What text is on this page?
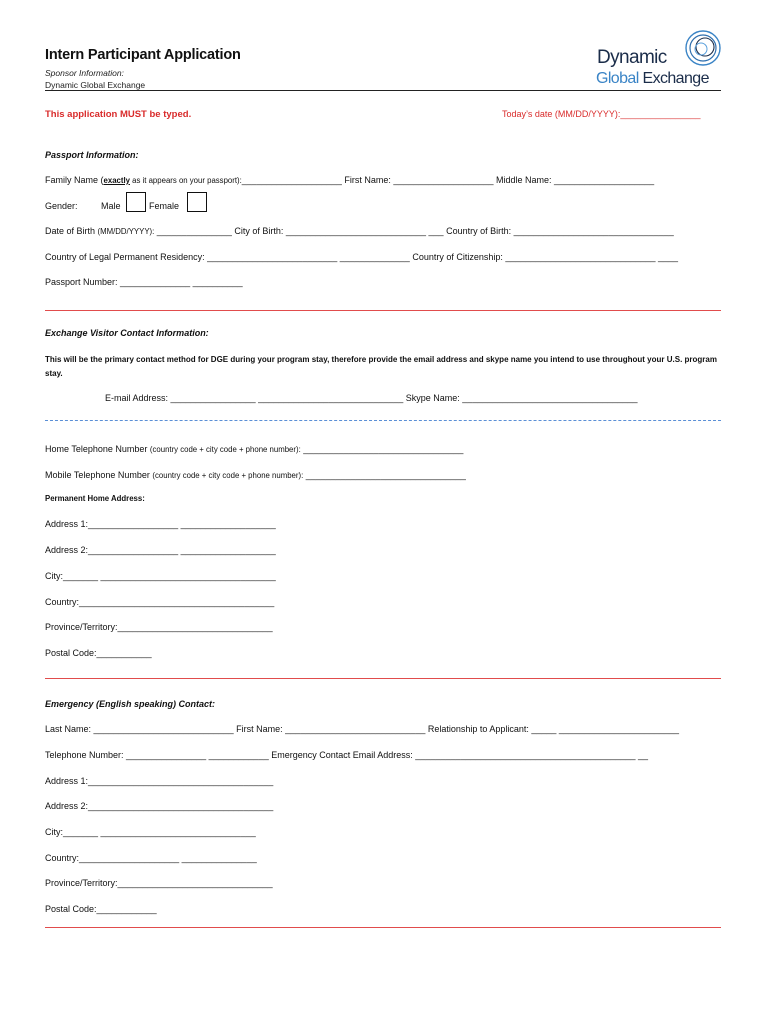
Intern Participant Application
Sponsor Information:
Dynamic Global Exchange
Dynamic
Global Exchange
This application MUST be typed.	Today’s date (MM/DD/YYYY):________________
Passport Information:
Family Name (exactly as it appears on your passport):____________________ First Name: ____________________ Middle Name: ____________________
Gender:	Male	Female
Date of Birth (MM/DD/YYYY): _______________ City of Birth: ____________________________ ___ Country of Birth: ________________________________
Country of Legal Permanent Residency: __________________________ ______________ Country of Citizenship: ______________________________ ____
Passport Number: ______________ __________
Exchange Visitor Contact Information:
This will be the primary contact method for DGE during your program stay, therefore provide the email address and skype name you intend to use throughout your U.S. program stay.
E-mail Address: _________________ _____________________________ Skype Name: ___________________________________
Home Telephone Number (country code + city code + phone number): ________________________________
Mobile Telephone Number (country code + city code + phone number): ________________________________
Permanent Home Address:
Address 1:__________________ ___________________
Address 2:__________________ ___________________
City:_______ ___________________________________
Country:_______________________________________
Province/Territory:_______________________________
Postal Code:___________
Emergency (English speaking) Contact:
Last Name: ____________________________ First Name: ____________________________ Relationship to Applicant: _____ ________________________
Telephone Number: ________________ ____________ Emergency Contact Email Address: ____________________________________________ __
Address 1:_____________________________________
Address 2:_____________________________________
City:_______ _______________________________
Country:____________________ _______________
Province/Territory:_______________________________
Postal Code:____________
